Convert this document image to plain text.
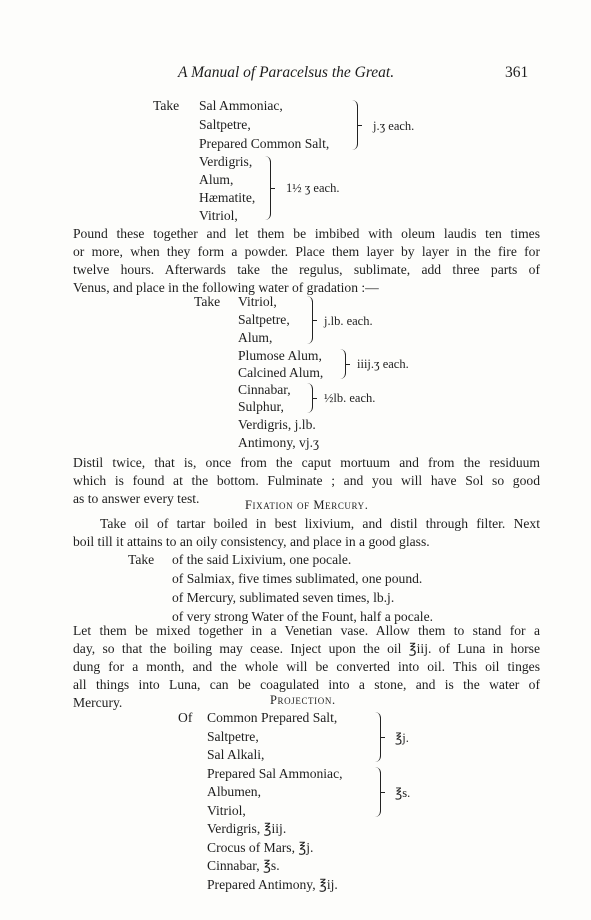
A Manual of Paracelsus the Great.	361
Take Sal Ammoniac,
Saltpetre,
Prepared Common Salt,
j.ʒ each.
Verdigris,
Alum,
Hæmatite,
Vitriol,
1½ ʒ each.
Pound these together and let them be imbibed with oleum laudis ten times
or more, when they form a powder. Place them layer by layer in the fire for
twelve hours. Afterwards take the regulus, sublimate, add three parts of
Venus, and place in the following water of gradation :—
Take Vitriol,
Saltpetre,
Alum,
j.lb. each.
Plumose Alum,
Calcined Alum,
iiij.ʒ each.
Cinnabar,
Sulphur,
½lb. each.
Verdigris, j.lb.
Antimony, vj.ʒ
Distil twice, that is, once from the caput mortuum and from the residuum
which is found at the bottom. Fulminate ; and you will have Sol so good
as to answer every test.	Fixation of Mercury.
Take oil of tartar boiled in best lixivium, and distil through filter. Next
boil till it attains to an oily consistency, and place in a good glass.
Take of the said Lixivium, one pocale.
of Salmiax, five times sublimated, one pound.
of Mercury, sublimated seven times, lb.j.
of very strong Water of the Fount, half a pocale.
Let them be mixed together in a Venetian vase. Allow them to stand for a
day, so that the boiling may cease. Inject upon the oil ℥iij. of Luna in horse
dung for a month, and the whole will be converted into oil. This oil tinges
all things into Luna, can be coagulated into a stone, and is the water of
Mercury.	Projection.
Of Common Prepared Salt,
Saltpetre,
Sal Alkali,
℥j.
Prepared Sal Ammoniac,
Albumen,
Vitriol,
℥s.
Verdigris, ℥iij.
Crocus of Mars, ℥j.
Cinnabar, ℥s.
Prepared Antimony, ℥ij.
